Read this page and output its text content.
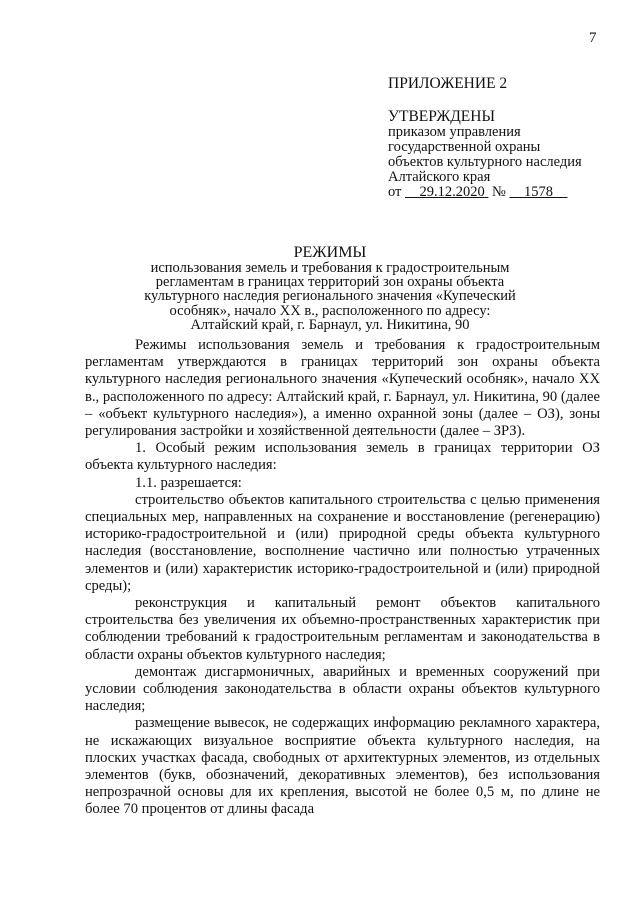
7
ПРИЛОЖЕНИЕ 2
УТВЕРЖДЕНЫ
приказом управления
государственной охраны
объектов культурного наследия
Алтайского края
от 29.12.2020 № 1578
РЕЖИМЫ
использования земель и требования к градостроительным
регламентам в границах территорий зон охраны объекта
культурного наследия регионального значения «Купеческий
особняк», начало XX в., расположенного по адресу:
Алтайский край, г. Барнаул, ул. Никитина, 90

Режимы использования земель и требования к градостроительным регламентам утверждаются в границах территорий зон охраны объекта культурного наследия регионального значения «Купеческий особняк», начало XX в., расположенного по адресу: Алтайский край, г. Барнаул, ул. Никитина, 90 (далее – «объект культурного наследия»), а именно охранной зоны (далее – ОЗ), зоны регулирования застройки и хозяйственной деятельности (далее – ЗРЗ).

1. Особый режим использования земель в границах территории ОЗ объекта культурного наследия:

1.1. разрешается:

строительство объектов капитального строительства с целью применения специальных мер, направленных на сохранение и восстановление (регенерацию) историко-градостроительной и (или) природной среды объекта культурного наследия (восстановление, восполнение частично или полностью утраченных элементов и (или) характеристик историко-градостроительной и (или) природной среды);

реконструкция и капитальный ремонт объектов капитального строительства без увеличения их объемно-пространственных характеристик при соблюдении требований к градостроительным регламентам и законодательства в области охраны объектов культурного наследия;

демонтаж дисгармоничных, аварийных и временных сооружений при условии соблюдения законодательства в области охраны объектов культурного наследия;

размещение вывесок, не содержащих информацию рекламного характера, не искажающих визуальное восприятие объекта культурного наследия, на плоских участках фасада, свободных от архитектурных элементов, из отдельных элементов (букв, обозначений, декоративных элементов), без использования непрозрачной основы для их крепления, высотой не более 0,5 м, по длине не более 70 процентов от длины фасада
